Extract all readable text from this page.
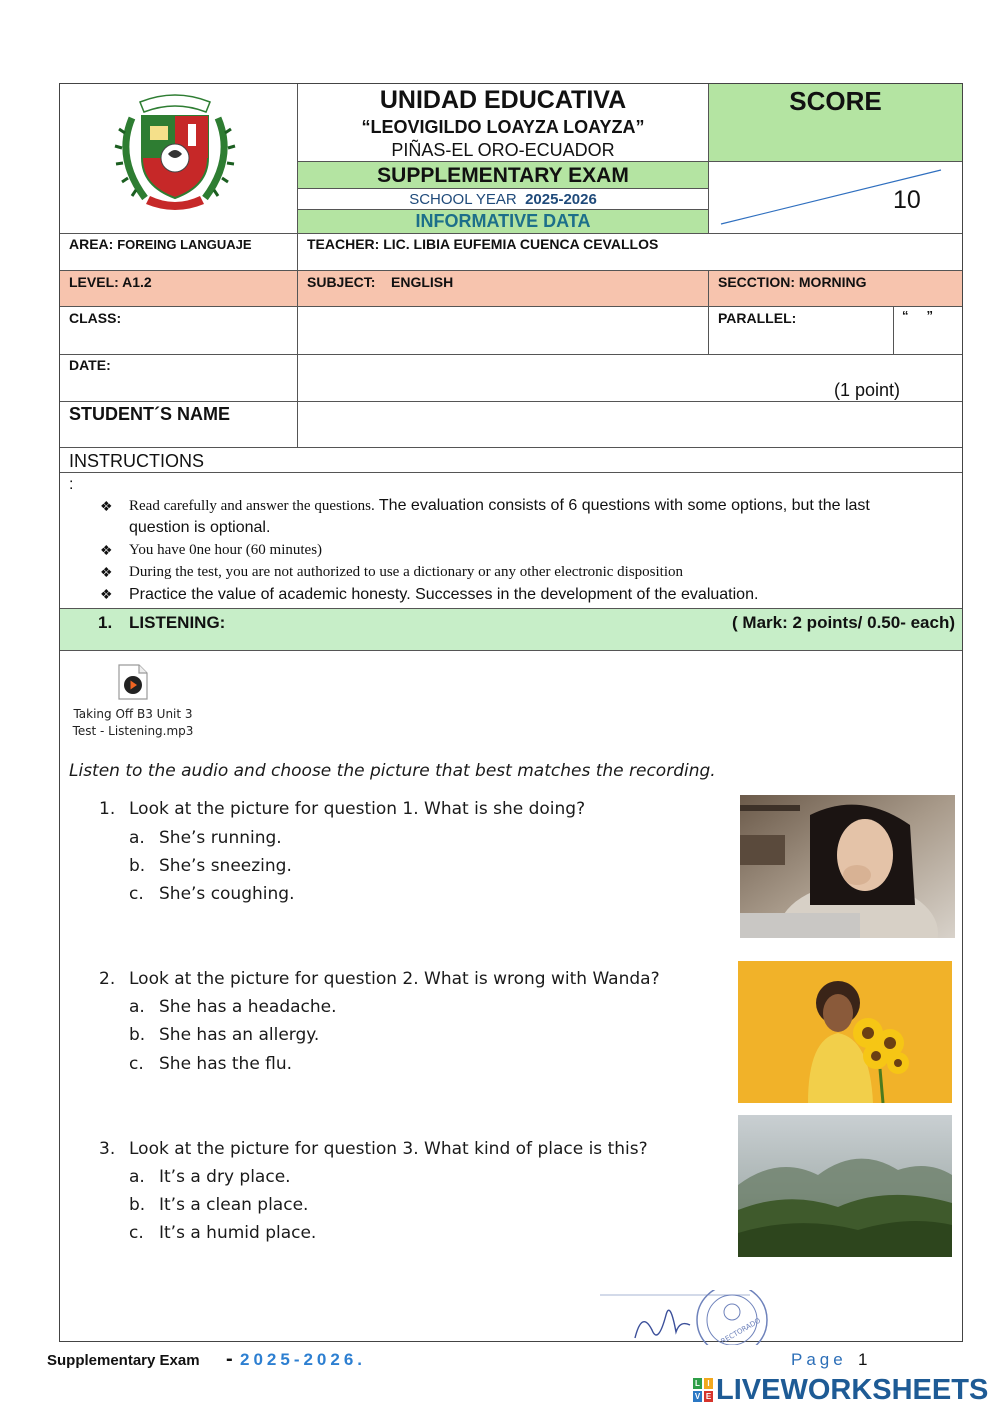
UNIDAD EDUCATIVA
“LEOVIGILDO LOAYZA LOAYZA”
PIÑAS-EL ORO-ECUADOR
SUPPLEMENTARY EXAM
SCHOOL YEAR 2025-2026
INFORMATIVE DATA
SCORE
10
AREA: FOREING LANGUAJE	TEACHER: LIC. LIBIA EUFEMIA CUENCA CEVALLOS
LEVEL: A1.2	SUBJECT: ENGLISH	SECCTION: MORNING
CLASS:	PARALLEL:	“     ”
DATE:
(1 point)
STUDENT´S NAME
INSTRUCTIONS
:
❖ Read carefully and answer the questions. The evaluation consists of 6 questions with some options, but the last
question is optional.
❖ You have 0ne hour (60 minutes)
❖ During the test, you are not authorized to use a dictionary or any other electronic disposition
❖ Practice the value of academic honesty. Successes in the development of the evaluation.
1. LISTENING:	( Mark: 2 points/ 0.50- each)
Taking Off B3 Unit 3
Test - Listening.mp3
Listen to the audio and choose the picture that best matches the recording.
1. Look at the picture for question 1. What is she doing?
a. She’s running.
b. She’s sneezing.
c. She’s coughing.
2. Look at the picture for question 2. What is wrong with Wanda?
a. She has a headache.
b. She has an allergy.
c. She has the flu.
3. Look at the picture for question 3. What kind of place is this?
a. It’s a dry place.
b. It’s a clean place.
c. It’s a humid place.
RECTORADO
Supplementary Exam - 2025-2026.	Page 1
L I
V E LIVEWORKSHEETS
